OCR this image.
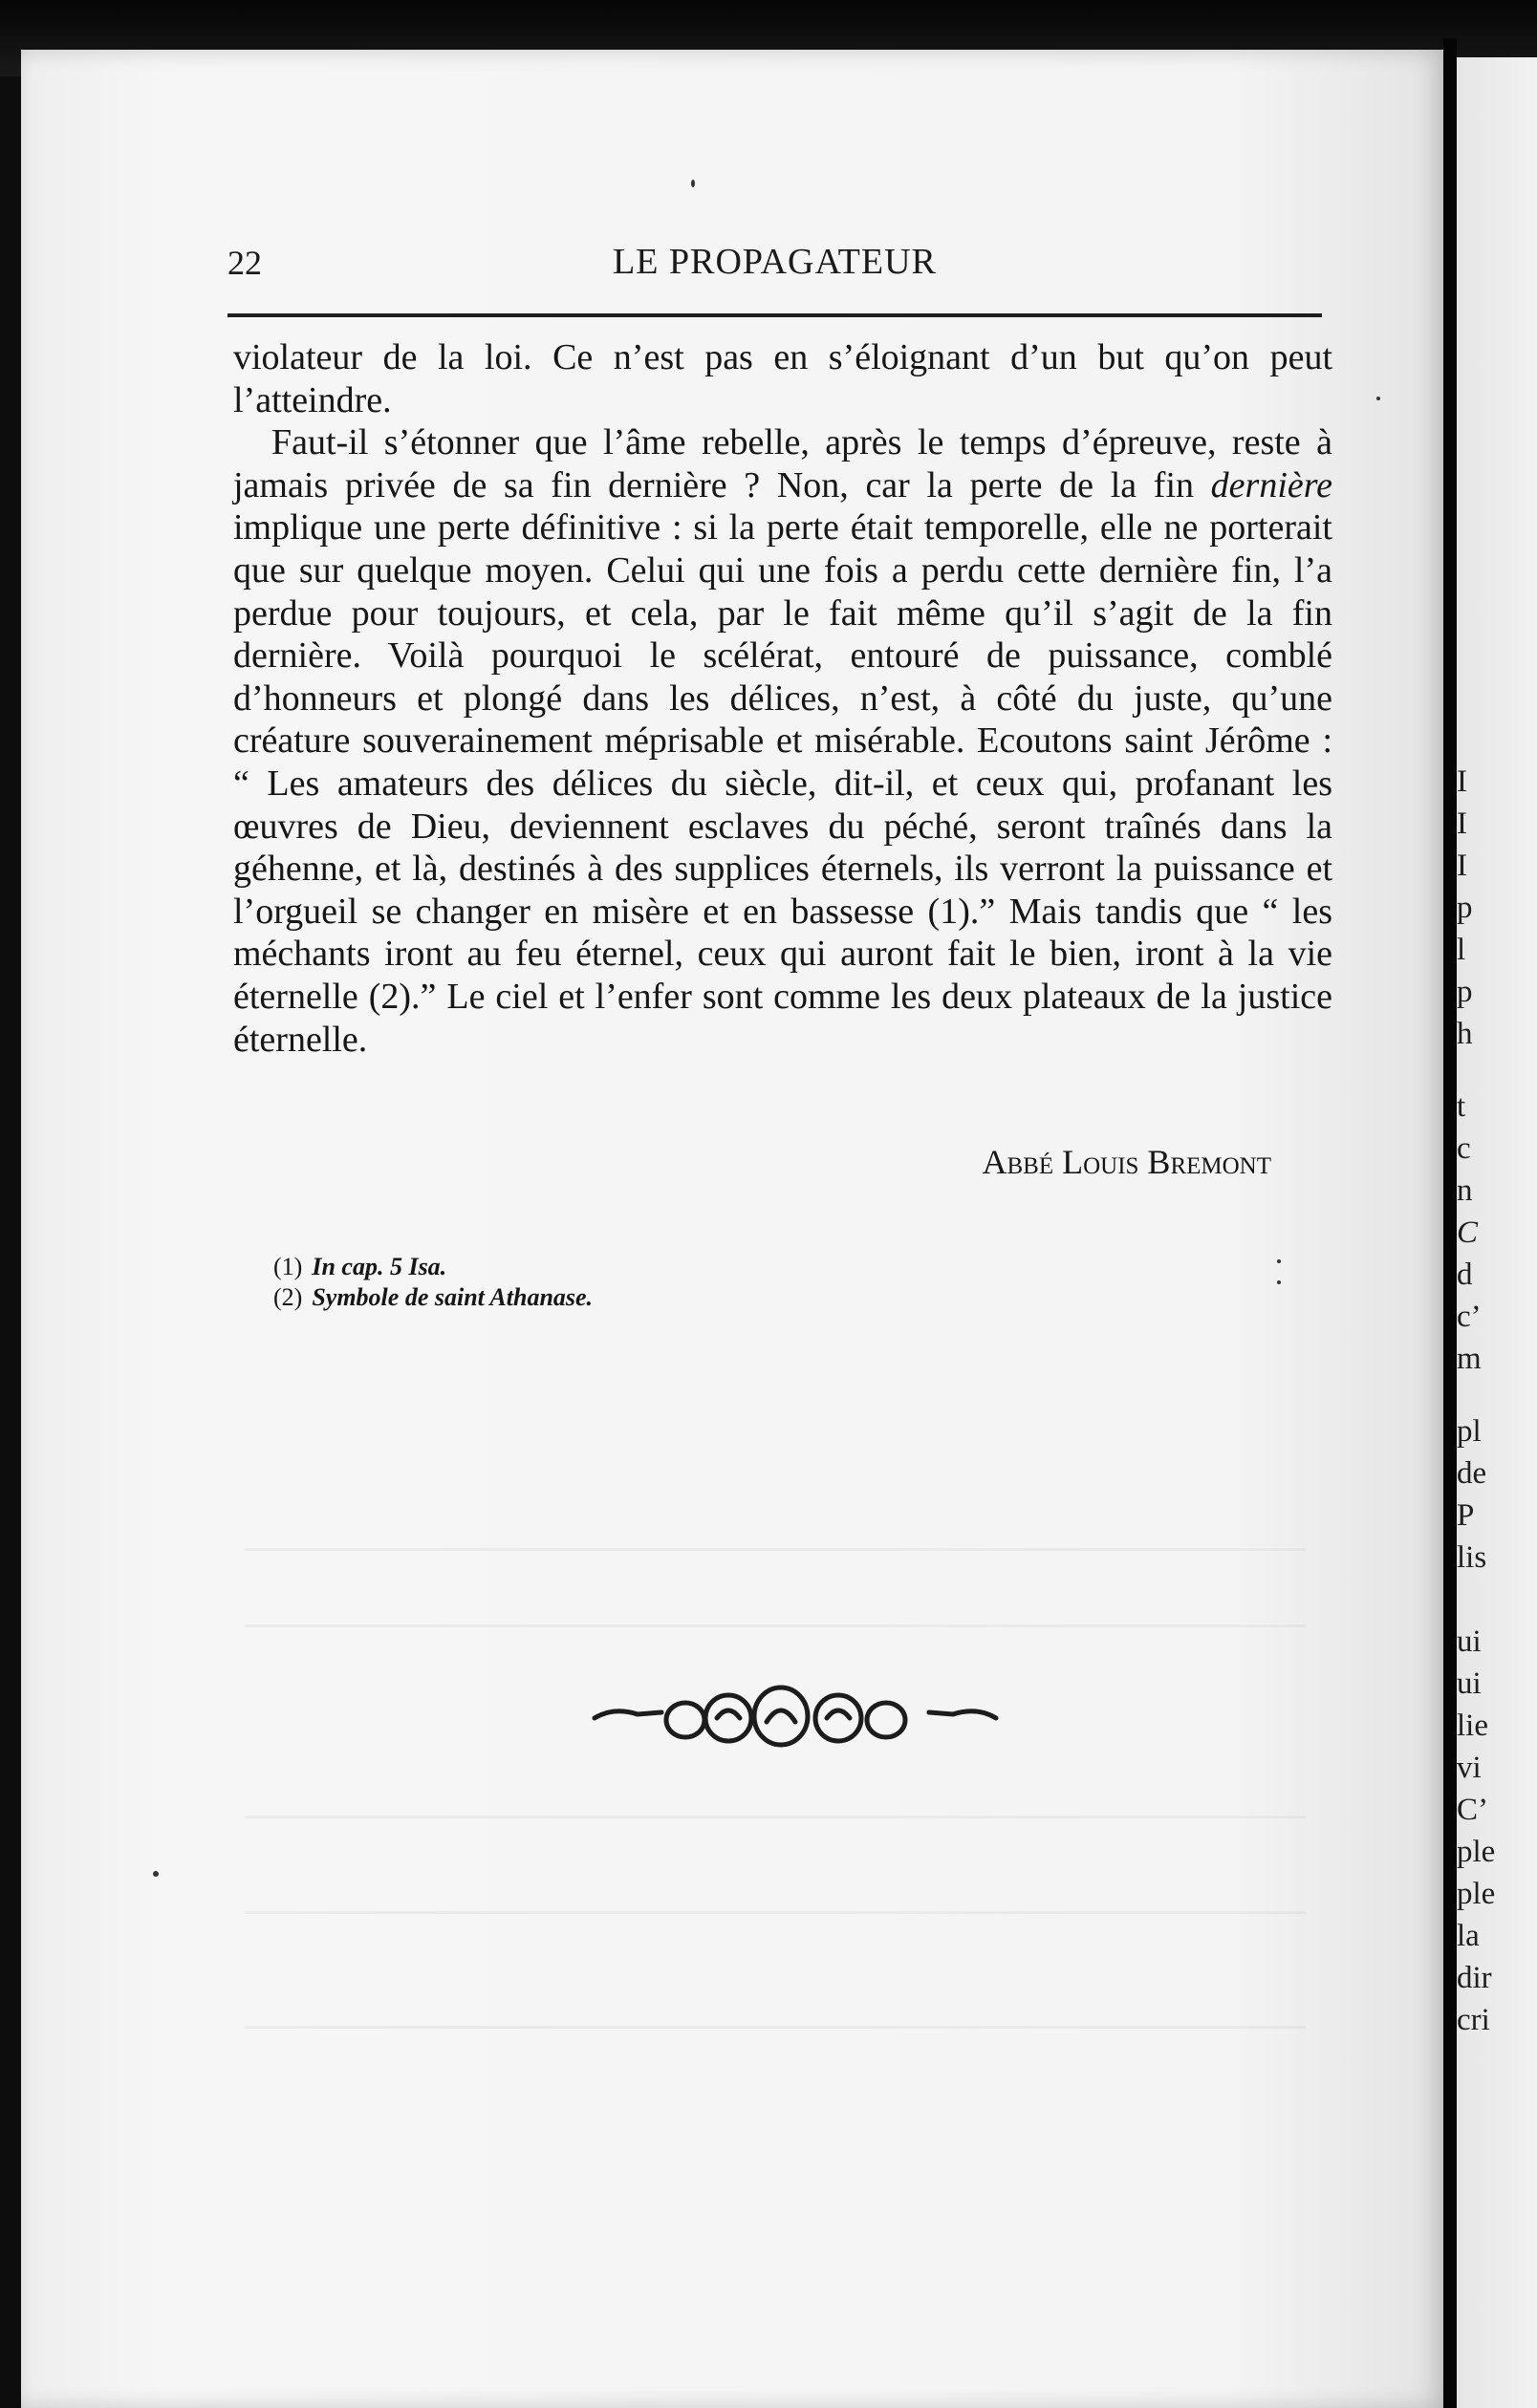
I
I
I
p
l
p
h
t
c
n
C
d
c’
m
pl
de
P
lis
ui
ui
lie
vi
C’
ple
ple
la
dir
cri
22	LE PROPAGATEUR

violateur de la loi. Ce n’est pas en s’éloignant d’un but qu’on peut l’atteindre.

Faut-il s’étonner que l’âme rebelle, après le temps d’épreuve, reste à jamais privée de sa fin dernière ? Non, car la perte de la fin dernière implique une perte définitive : si la perte était temporelle, elle ne porterait que sur quelque moyen. Celui qui une fois a perdu cette dernière fin, l’a perdue pour toujours, et cela, par le fait même qu’il s’agit de la fin dernière. Voilà pourquoi le scélérat, entouré de puissance, comblé d’honneurs et plongé dans les délices, n’est, à côté du juste, qu’une créature souverainement méprisable et misérable. Ecoutons saint Jérôme : “ Les amateurs des délices du siècle, dit-il, et ceux qui, profanant les œuvres de Dieu, deviennent esclaves du péché, seront traînés dans la géhenne, et là, destinés à des supplices éternels, ils verront la puissance et l’orgueil se changer en misère et en bassesse (1).” Mais tandis que “ les méchants iront au feu éternel, ceux qui auront fait le bien, iront à la vie éternelle (2).” Le ciel et l’enfer sont comme les deux plateaux de la justice éternelle.

Abbé Louis Bremont
(1) In cap. 5 Isa.
(2) Symbole de saint Athanase.
